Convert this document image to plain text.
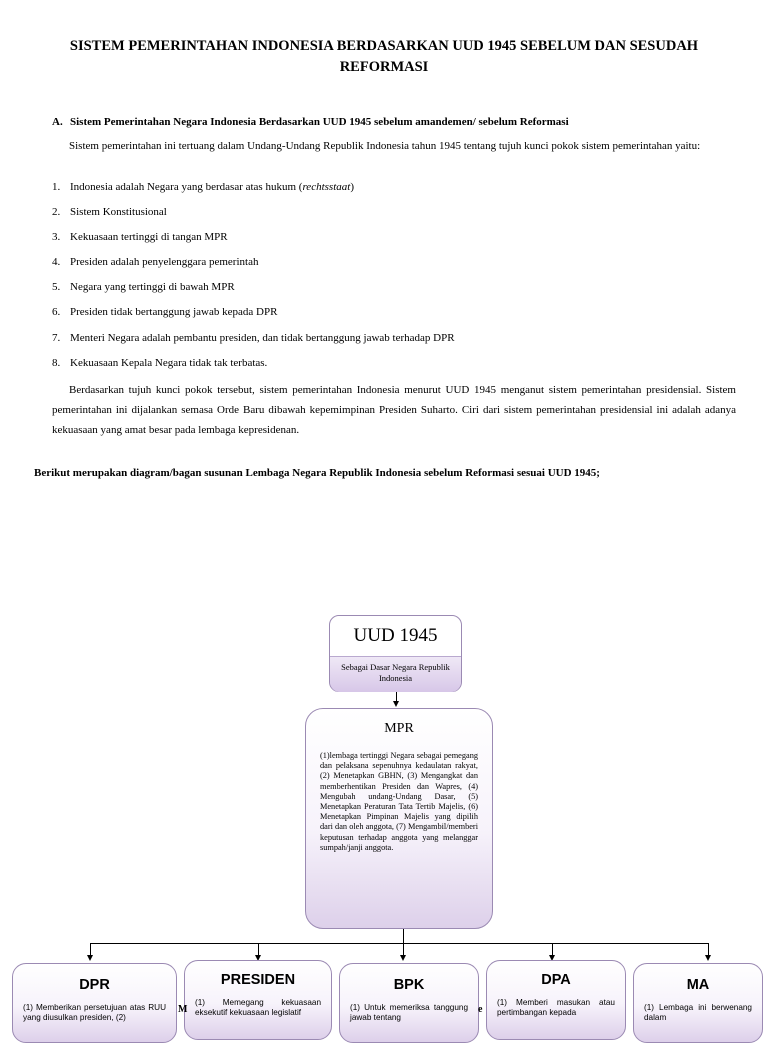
SISTEM PEMERINTAHAN INDONESIA BERDASARKAN UUD 1945 SEBELUM DAN SESUDAH REFORMASI
A. Sistem Pemerintahan Negara Indonesia Berdasarkan UUD 1945 sebelum amandemen/ sebelum Reformasi
Sistem pemerintahan ini tertuang dalam Undang-Undang Republik Indonesia tahun 1945 tentang tujuh kunci pokok sistem pemerintahan yaitu:
1. Indonesia adalah Negara yang berdasar atas hukum (rechtsstaat)
2. Sistem Konstitusional
3. Kekuasaan tertinggi di tangan MPR
4. Presiden adalah penyelenggara pemerintah
5. Negara yang tertinggi di bawah MPR
6. Presiden tidak bertanggung jawab kepada DPR
7. Menteri Negara adalah pembantu presiden, dan tidak bertanggung jawab terhadap DPR
8. Kekuasaan Kepala Negara tidak tak terbatas.
Berdasarkan tujuh kunci pokok tersebut, sistem pemerintahan Indonesia menurut UUD 1945 menganut sistem pemerintahan presidensial. Sistem pemerintahan ini dijalankan semasa Orde Baru dibawah kepemimpinan Presiden Suharto. Ciri dari sistem pemerintahan presidensial ini adalah adanya kekuasaan yang amat besar pada lembaga kepresidenan.
Berikut merupakan diagram/bagan susunan Lembaga Negara Republik Indonesia sebelum Reformasi sesuai UUD 1945;
UUD 1945
Sebagai Dasar Negara Republik Indonesia
MPR
(1)lembaga tertinggi Negara sebagai pemegang dan pelaksana sepenuhnya kedaulatan rakyat, (2) Menetapkan GBHN, (3) Mengangkat dan memberhentikan Presiden dan Wapres, (4) Mengubah undang-Undang Dasar, (5) Menetapkan Peraturan Tata Tertib Majelis, (6) Menetapkan Pimpinan Majelis yang dipilih dari dan oleh anggota, (7) Mengambil/memberi keputusan terhadap anggota yang melanggar sumpah/janji anggota.
DPR
(1) Memberikan persetujuan atas RUU yang diusulkan presiden, (2)
PRESIDEN
(1) Memegang kekuasaan eksekutif kekuasaan legislatif
BPK
(1) Untuk memeriksa tanggung jawab tentang
DPA
(1) Memberi masukan atau pertimbangan kepada
MA
(1) Lembaga ini berwenang dalam
M	e
